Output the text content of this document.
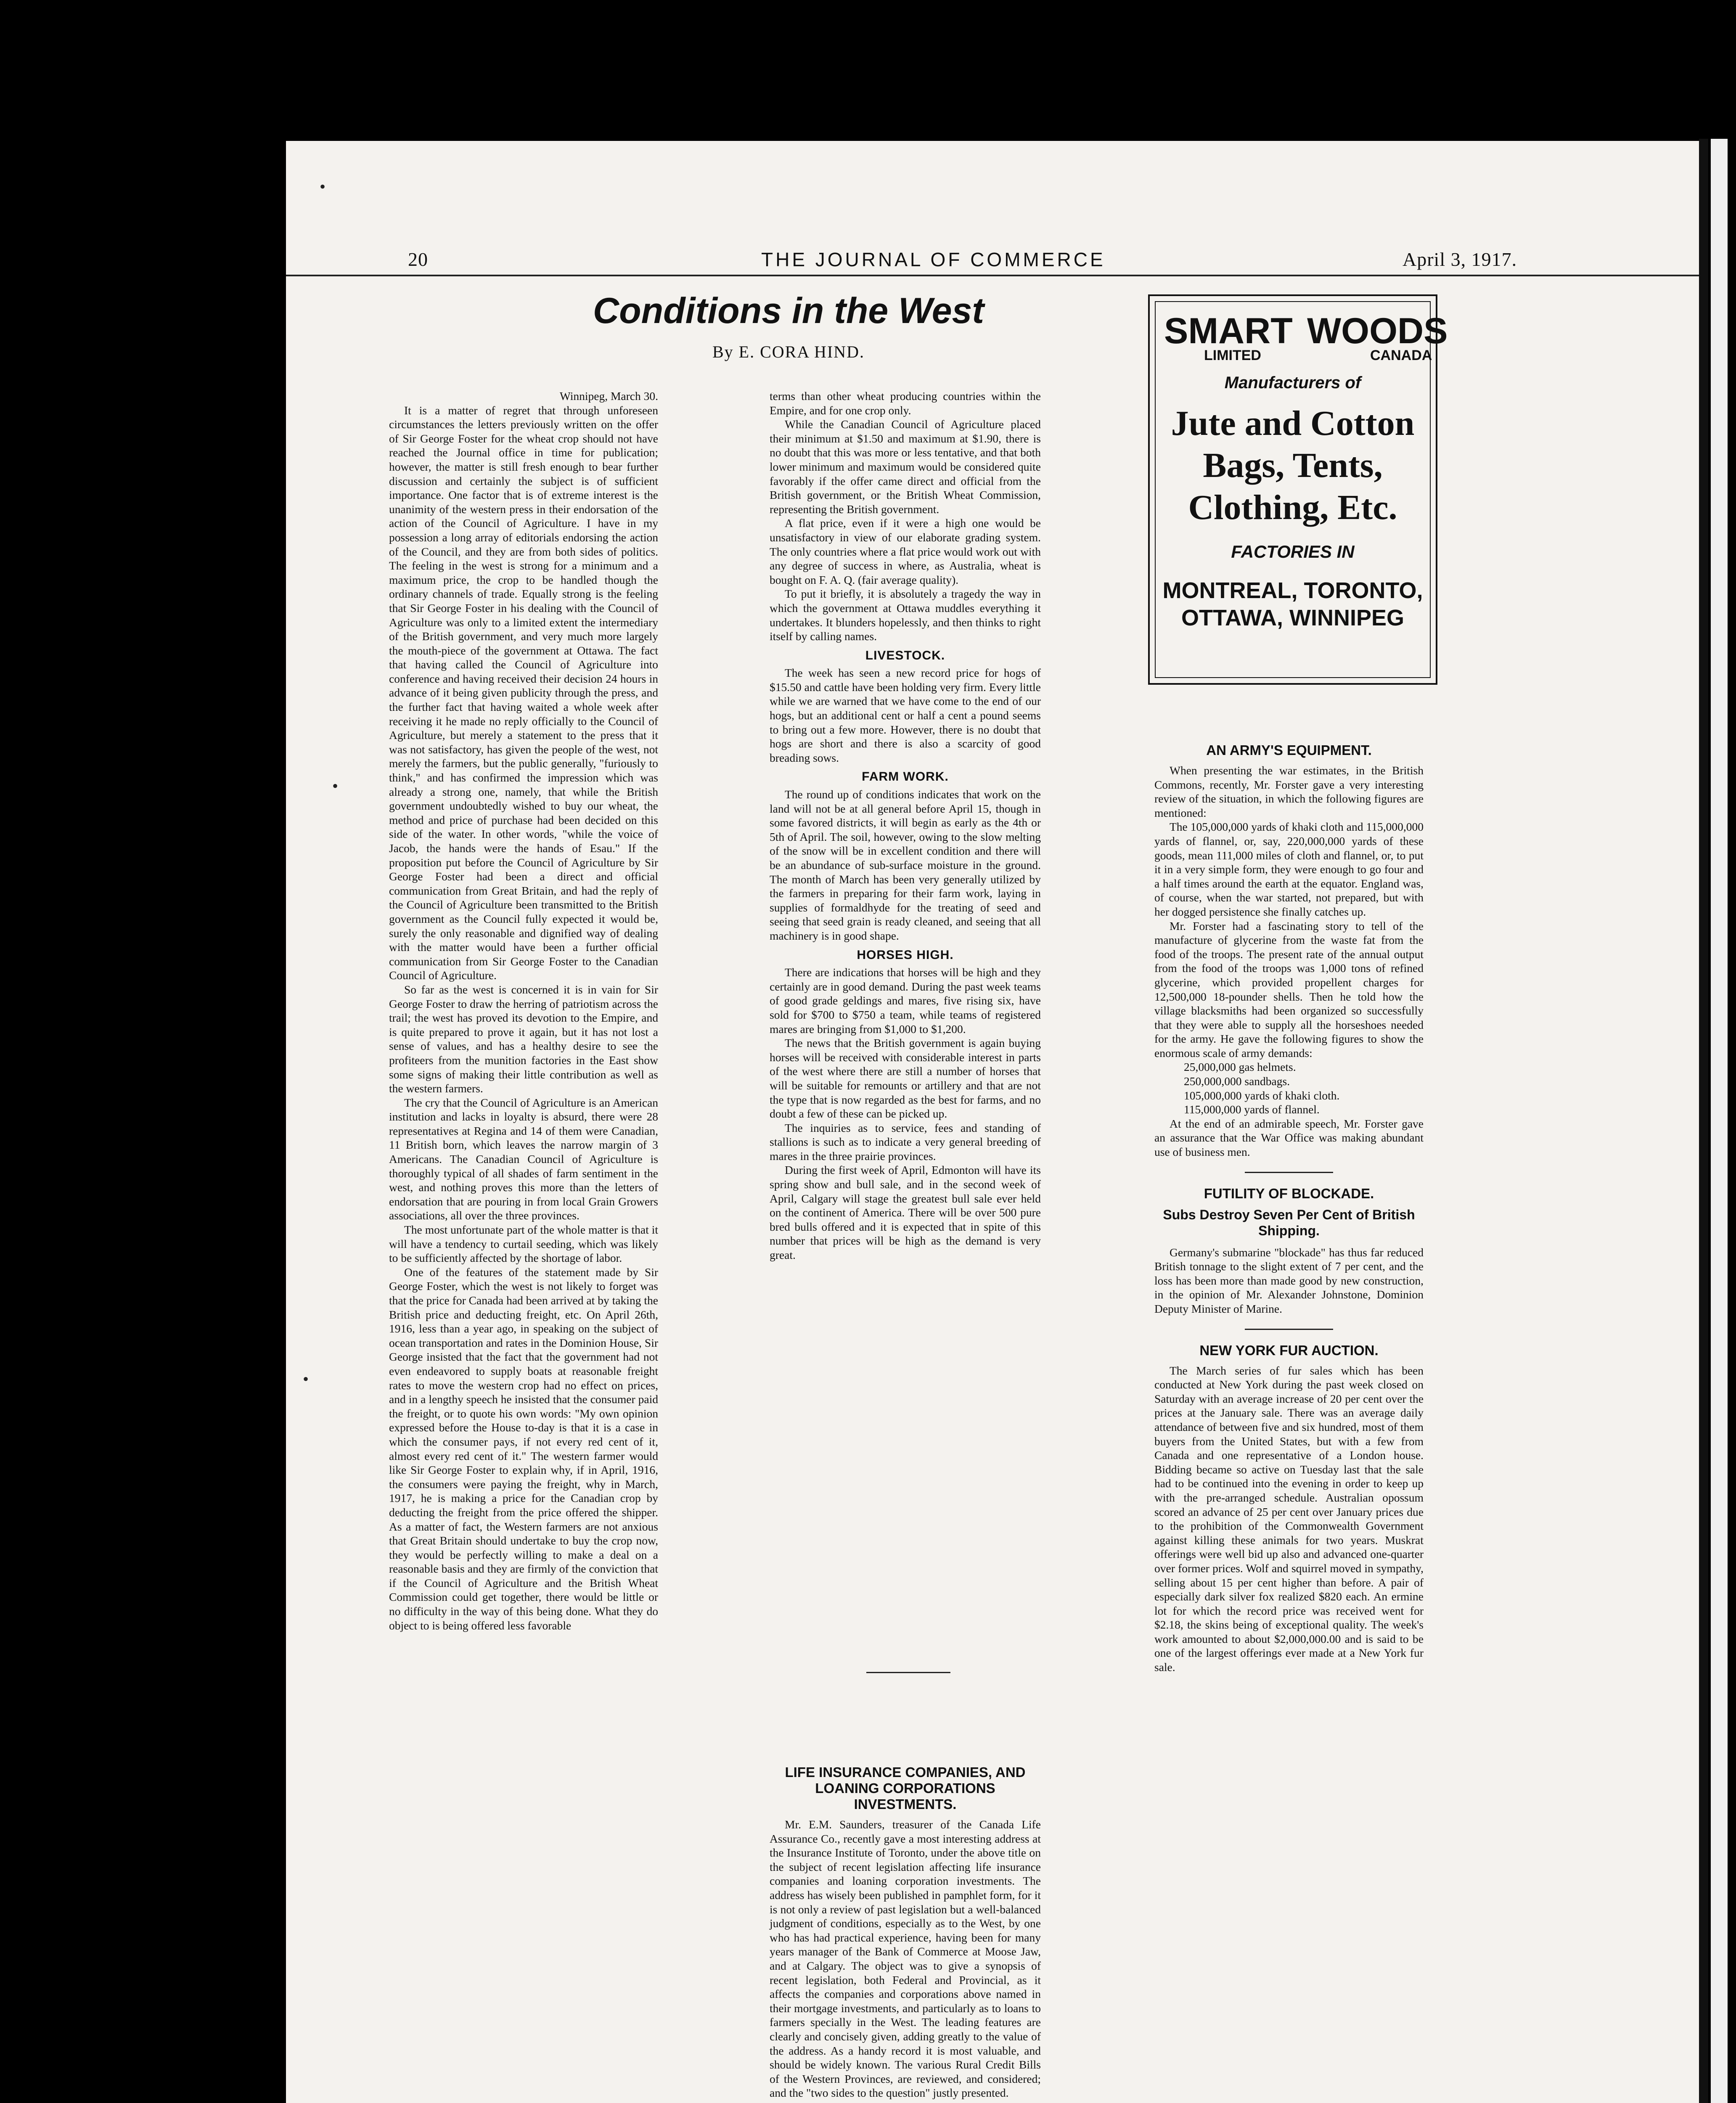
20	THE JOURNAL OF COMMERCE	April 3, 1917.
Conditions in the West
By E. CORA HIND.

Winnipeg, March 30.

It is a matter of regret that through unforeseen circumstances the letters previously written on the offer of Sir George Foster for the wheat crop should not have reached the Journal office in time for publication; however, the matter is still fresh enough to bear further discussion and certainly the subject is of sufficient importance. One factor that is of extreme interest is the unanimity of the western press in their endorsation of the action of the Council of Agriculture. I have in my possession a long array of editorials endorsing the action of the Council, and they are from both sides of politics. The feeling in the west is strong for a minimum and a maximum price, the crop to be handled though the ordinary channels of trade. Equally strong is the feeling that Sir George Foster in his dealing with the Council of Agriculture was only to a limited extent the intermediary of the British government, and very much more largely the mouth-piece of the government at Ottawa. The fact that having called the Council of Agriculture into conference and having received their decision 24 hours in advance of it being given publicity through the press, and the further fact that having waited a whole week after receiving it he made no reply officially to the Council of Agriculture, but merely a statement to the press that it was not satisfactory, has given the people of the west, not merely the farmers, but the public generally, "furiously to think," and has confirmed the impression which was already a strong one, namely, that while the British government undoubtedly wished to buy our wheat, the method and price of purchase had been decided on this side of the water. In other words, "while the voice of Jacob, the hands were the hands of Esau." If the proposition put before the Council of Agriculture by Sir George Foster had been a direct and official communication from Great Britain, and had the reply of the Council of Agriculture been transmitted to the British government as the Council fully expected it would be, surely the only reasonable and dignified way of dealing with the matter would have been a further official communication from Sir George Foster to the Canadian Council of Agriculture.

So far as the west is concerned it is in vain for Sir George Foster to draw the herring of patriotism across the trail; the west has proved its devotion to the Empire, and is quite prepared to prove it again, but it has not lost a sense of values, and has a healthy desire to see the profiteers from the munition factories in the East show some signs of making their little contribution as well as the western farmers.

The cry that the Council of Agriculture is an American institution and lacks in loyalty is absurd, there were 28 representatives at Regina and 14 of them were Canadian, 11 British born, which leaves the narrow margin of 3 Americans. The Canadian Council of Agriculture is thoroughly typical of all shades of farm sentiment in the west, and nothing proves this more than the letters of endorsation that are pouring in from local Grain Growers associations, all over the three provinces.

The most unfortunate part of the whole matter is that it will have a tendency to curtail seeding, which was likely to be sufficiently affected by the shortage of labor.

One of the features of the statement made by Sir George Foster, which the west is not likely to forget was that the price for Canada had been arrived at by taking the British price and deducting freight, etc. On April 26th, 1916, less than a year ago, in speaking on the subject of ocean transportation and rates in the Dominion House, Sir George insisted that the fact that the government had not even endeavored to supply boats at reasonable freight rates to move the western crop had no effect on prices, and in a lengthy speech he insisted that the consumer paid the freight, or to quote his own words: "My own opinion expressed before the House to-day is that it is a case in which the consumer pays, if not every red cent of it, almost every red cent of it." The western farmer would like Sir George Foster to explain why, if in April, 1916, the consumers were paying the freight, why in March, 1917, he is making a price for the Canadian crop by deducting the freight from the price offered the shipper. As a matter of fact, the Western farmers are not anxious that Great Britain should undertake to buy the crop now, they would be perfectly willing to make a deal on a reasonable basis and they are firmly of the conviction that if the Council of Agriculture and the British Wheat Commission could get together, there would be little or no difficulty in the way of this being done. What they do object to is being offered less favorable

terms than other wheat producing countries within the Empire, and for one crop only.

While the Canadian Council of Agriculture placed their minimum at $1.50 and maximum at $1.90, there is no doubt that this was more or less tentative, and that both lower minimum and maximum would be considered quite favorably if the offer came direct and official from the British government, or the British Wheat Commission, representing the British government.

A flat price, even if it were a high one would be unsatisfactory in view of our elaborate grading system. The only countries where a flat price would work out with any degree of success in where, as Australia, wheat is bought on F. A. Q. (fair average quality).

To put it briefly, it is absolutely a tragedy the way in which the government at Ottawa muddles everything it undertakes. It blunders hopelessly, and then thinks to right itself by calling names.

LIVESTOCK.

The week has seen a new record price for hogs of $15.50 and cattle have been holding very firm. Every little while we are warned that we have come to the end of our hogs, but an additional cent or half a cent a pound seems to bring out a few more. However, there is no doubt that hogs are short and there is also a scarcity of good breading sows.

FARM WORK.

The round up of conditions indicates that work on the land will not be at all general before April 15, though in some favored districts, it will begin as early as the 4th or 5th of April. The soil, however, owing to the slow melting of the snow will be in excellent condition and there will be an abundance of sub-surface moisture in the ground. The month of March has been very generally utilized by the farmers in preparing for their farm work, laying in supplies of formaldhyde for the treating of seed and seeing that seed grain is ready cleaned, and seeing that all machinery is in good shape.

HORSES HIGH.

There are indications that horses will be high and they certainly are in good demand. During the past week teams of good grade geldings and mares, five rising six, have sold for $700 to $750 a team, while teams of registered mares are bringing from $1,000 to $1,200.

The news that the British government is again buying horses will be received with considerable interest in parts of the west where there are still a number of horses that will be suitable for remounts or artillery and that are not the type that is now regarded as the best for farms, and no doubt a few of these can be picked up.

The inquiries as to service, fees and standing of stallions is such as to indicate a very general breeding of mares in the three prairie provinces.

During the first week of April, Edmonton will have its spring show and bull sale, and in the second week of April, Calgary will stage the greatest bull sale ever held on the continent of America. There will be over 500 pure bred bulls offered and it is expected that in spite of this number that prices will be high as the demand is very great.

LIFE INSURANCE COMPANIES, AND LOANING CORPORATIONS INVESTMENTS.

Mr. E.M. Saunders, treasurer of the Canada Life Assurance Co., recently gave a most interesting address at the Insurance Institute of Toronto, under the above title on the subject of recent legislation affecting life insurance companies and loaning corporation investments. The address has wisely been published in pamphlet form, for it is not only a review of past legislation but a well-balanced judgment of conditions, especially as to the West, by one who has had practical experience, having been for many years manager of the Bank of Commerce at Moose Jaw, and at Calgary. The object was to give a synopsis of recent legislation, both Federal and Provincial, as it affects the companies and corporations above named in their mortgage investments, and particularly as to loans to farmers specially in the West. The leading features are clearly and concisely given, adding greatly to the value of the address. As a handy record it is most valuable, and should be widely known. The various Rural Credit Bills of the Western Provinces, are reviewed, and considered; and the "two sides to the question" justly presented.

SMART WOODS
LIMITED	CANADA
Manufacturers of
Jute and Cotton
Bags, Tents,
Clothing, Etc.
FACTORIES IN
MONTREAL, TORONTO,
OTTAWA, WINNIPEG
AN ARMY'S EQUIPMENT.

When presenting the war estimates, in the British Commons, recently, Mr. Forster gave a very interesting review of the situation, in which the following figures are mentioned:

The 105,000,000 yards of khaki cloth and 115,000,000 yards of flannel, or, say, 220,000,000 yards of these goods, mean 111,000 miles of cloth and flannel, or, to put it in a very simple form, they were enough to go four and a half times around the earth at the equator. England was, of course, when the war started, not prepared, but with her dogged persistence she finally catches up.

Mr. Forster had a fascinating story to tell of the manufacture of glycerine from the waste fat from the food of the troops. The present rate of the annual output from the food of the troops was 1,000 tons of refined glycerine, which provided propellent charges for 12,500,000 18-pounder shells. Then he told how the village blacksmiths had been organized so successfully that they were able to supply all the horseshoes needed for the army. He gave the following figures to show the enormous scale of army demands:

25,000,000 gas helmets.

250,000,000 sandbags.

105,000,000 yards of khaki cloth.

115,000,000 yards of flannel.

At the end of an admirable speech, Mr. Forster gave an assurance that the War Office was making abundant use of business men.

FUTILITY OF BLOCKADE.
Subs Destroy Seven Per Cent of British Shipping.

Germany's submarine "blockade" has thus far reduced British tonnage to the slight extent of 7 per cent, and the loss has been more than made good by new construction, in the opinion of Mr. Alexander Johnstone, Dominion Deputy Minister of Marine.

NEW YORK FUR AUCTION.

The March series of fur sales which has been conducted at New York during the past week closed on Saturday with an average increase of 20 per cent over the prices at the January sale. There was an average daily attendance of between five and six hundred, most of them buyers from the United States, but with a few from Canada and one representative of a London house. Bidding became so active on Tuesday last that the sale had to be continued into the evening in order to keep up with the pre-arranged schedule. Australian opossum scored an advance of 25 per cent over January prices due to the prohibition of the Commonwealth Government against killing these animals for two years. Muskrat offerings were well bid up also and advanced one-quarter over former prices. Wolf and squirrel moved in sympathy, selling about 15 per cent higher than before. A pair of especially dark silver fox realized $820 each. An ermine lot for which the record price was received went for $2.18, the skins being of exceptional quality. The week's work amounted to about $2,000,000.00 and is said to be one of the largest offerings ever made at a New York fur sale.

•
•
•
